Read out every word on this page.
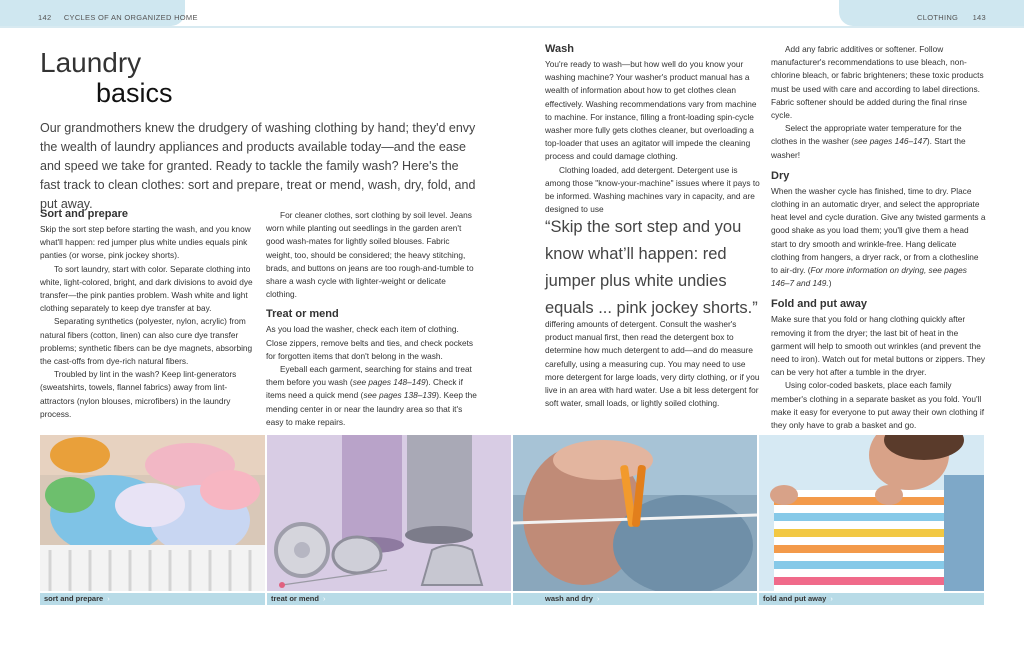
142 CYCLES OF AN ORGANIZED HOME	CLOTHING 143
Laundry
basics
Our grandmothers knew the drudgery of washing clothing by hand; they'd envy the wealth of laundry appliances and products available today—and the ease and speed we take for granted. Ready to tackle the family wash? Here's the fast track to clean clothes: sort and prepare, treat or mend, wash, dry, fold, and put away.
Sort and prepare

Skip the sort step before starting the wash, and you know what'll happen: red jumper plus white undies equals pink panties (or worse, pink jockey shorts).

To sort laundry, start with color. Separate clothing into white, light-colored, bright, and dark divisions to avoid dye transfer—the pink panties problem. Wash white and light clothing separately to keep dye transfer at bay.

Separating synthetics (polyester, nylon, acrylic) from natural fibers (cotton, linen) can also cure dye transfer problems; synthetic fibers can be dye magnets, absorbing the cast-offs from dye-rich natural fibers.

Troubled by lint in the wash? Keep lint-generators (sweatshirts, towels, flannel fabrics) away from lint-attractors (nylon blouses, microfibers) in the laundry process.

For cleaner clothes, sort clothing by soil level. Jeans worn while planting out seedlings in the garden aren't good wash-mates for lightly soiled blouses. Fabric weight, too, should be considered; the heavy stitching, brads, and buttons on jeans are too rough-and-tumble to share a wash cycle with lighter-weight or delicate clothing.

Treat or mend

As you load the washer, check each item of clothing. Close zippers, remove belts and ties, and check pockets for forgotten items that don't belong in the wash.

Eyeball each garment, searching for stains and treat them before you wash (see pages 148–149). Check if items need a quick mend (see pages 138–139). Keep the mending center in or near the laundry area so that it's easy to make repairs.

Wash

You're ready to wash—but how well do you know your washing machine? Your washer's product manual has a wealth of information about how to get clothes clean effectively. Washing recommendations vary from machine to machine. For instance, filling a front-loading spin-cycle washer more fully gets clothes cleaner, but overloading a top-loader that uses an agitator will impede the cleaning process and could damage clothing.

Clothing loaded, add detergent. Detergent use is among those "know-your-machine" issues where it pays to be informed. Washing machines vary in capacity, and are designed to use

“Skip the sort step and you know what’ll happen: red jumper plus white undies equals ... pink jockey shorts.”

differing amounts of detergent. Consult the washer's product manual first, then read the detergent box to determine how much detergent to add—and do measure carefully, using a measuring cup. You may need to use more detergent for large loads, very dirty clothing, or if you live in an area with hard water. Use a bit less detergent for soft water, small loads, or lightly soiled clothing.

Add any fabric additives or softener. Follow manufacturer's recommendations to use bleach, non-chlorine bleach, or fabric brighteners; these toxic products must be used with care and according to label directions. Fabric softener should be added during the final rinse cycle.

Select the appropriate water temperature for the clothes in the washer (see pages 146–147). Start the washer!

Dry

When the washer cycle has finished, time to dry. Place clothing in an automatic dryer, and select the appropriate heat level and cycle duration. Give any twisted garments a good shake as you load them; you'll give them a head start to dry smooth and wrinkle-free. Hang delicate clothing from hangers, a dryer rack, or from a clothesline to air-dry. (For more information on drying, see pages 146–7 and 149.)

Fold and put away

Make sure that you fold or hang clothing quickly after removing it from the dryer; the last bit of heat in the garment will help to smooth out wrinkles (and prevent the need to iron). Watch out for metal buttons or zippers. They can be very hot after a tumble in the dryer.

Using color-coded baskets, place each family member's clothing in a separate basket as you fold. You'll make it easy for everyone to put away their own clothing if they only have to grab a basket and go.

sort and prepare ›	treat or mend ›	wash and dry ›	fold and put away ›
